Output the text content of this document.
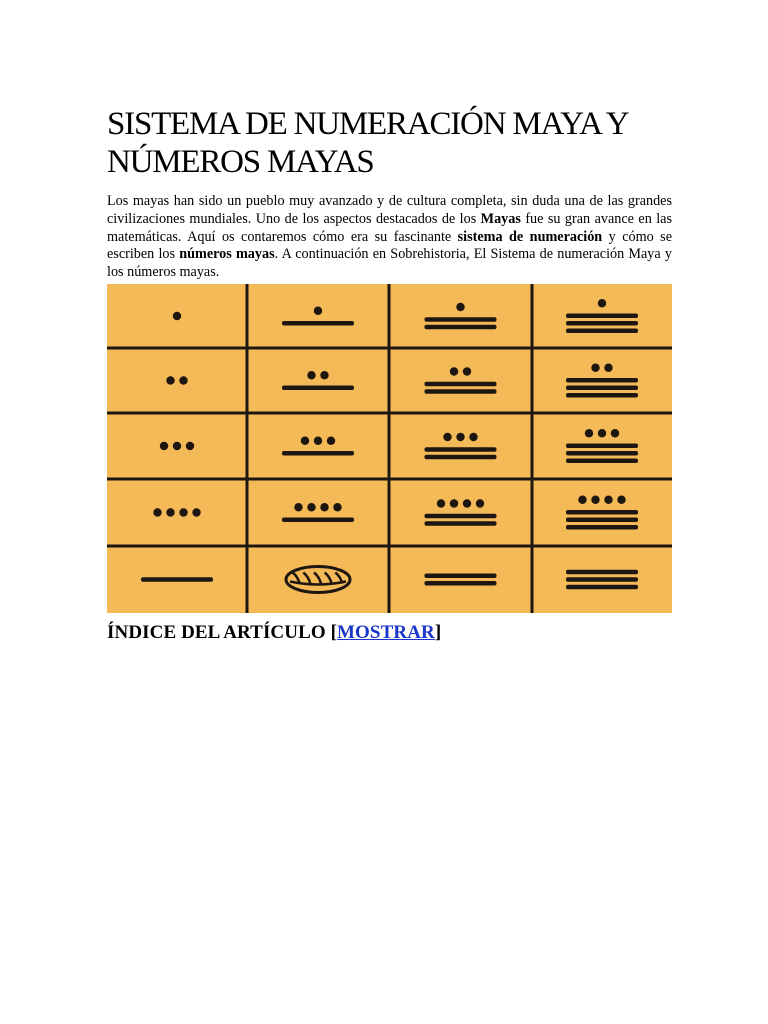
SISTEMA DE NUMERACIÓN MAYA Y
NÚMEROS MAYAS

Los mayas han sido un pueblo muy avanzado y de cultura completa, sin duda una de las grandes civilizaciones mundiales. Uno de los aspectos destacados de los Mayas fue su gran avance en las matemáticas. Aquí os contaremos cómo era su fascinante sistema de numeración y cómo se escriben los números mayas. A continuación en Sobrehistoria, El Sistema de numeración Maya y los números mayas.

ÍNDICE DEL ARTÍCULO [MOSTRAR]
